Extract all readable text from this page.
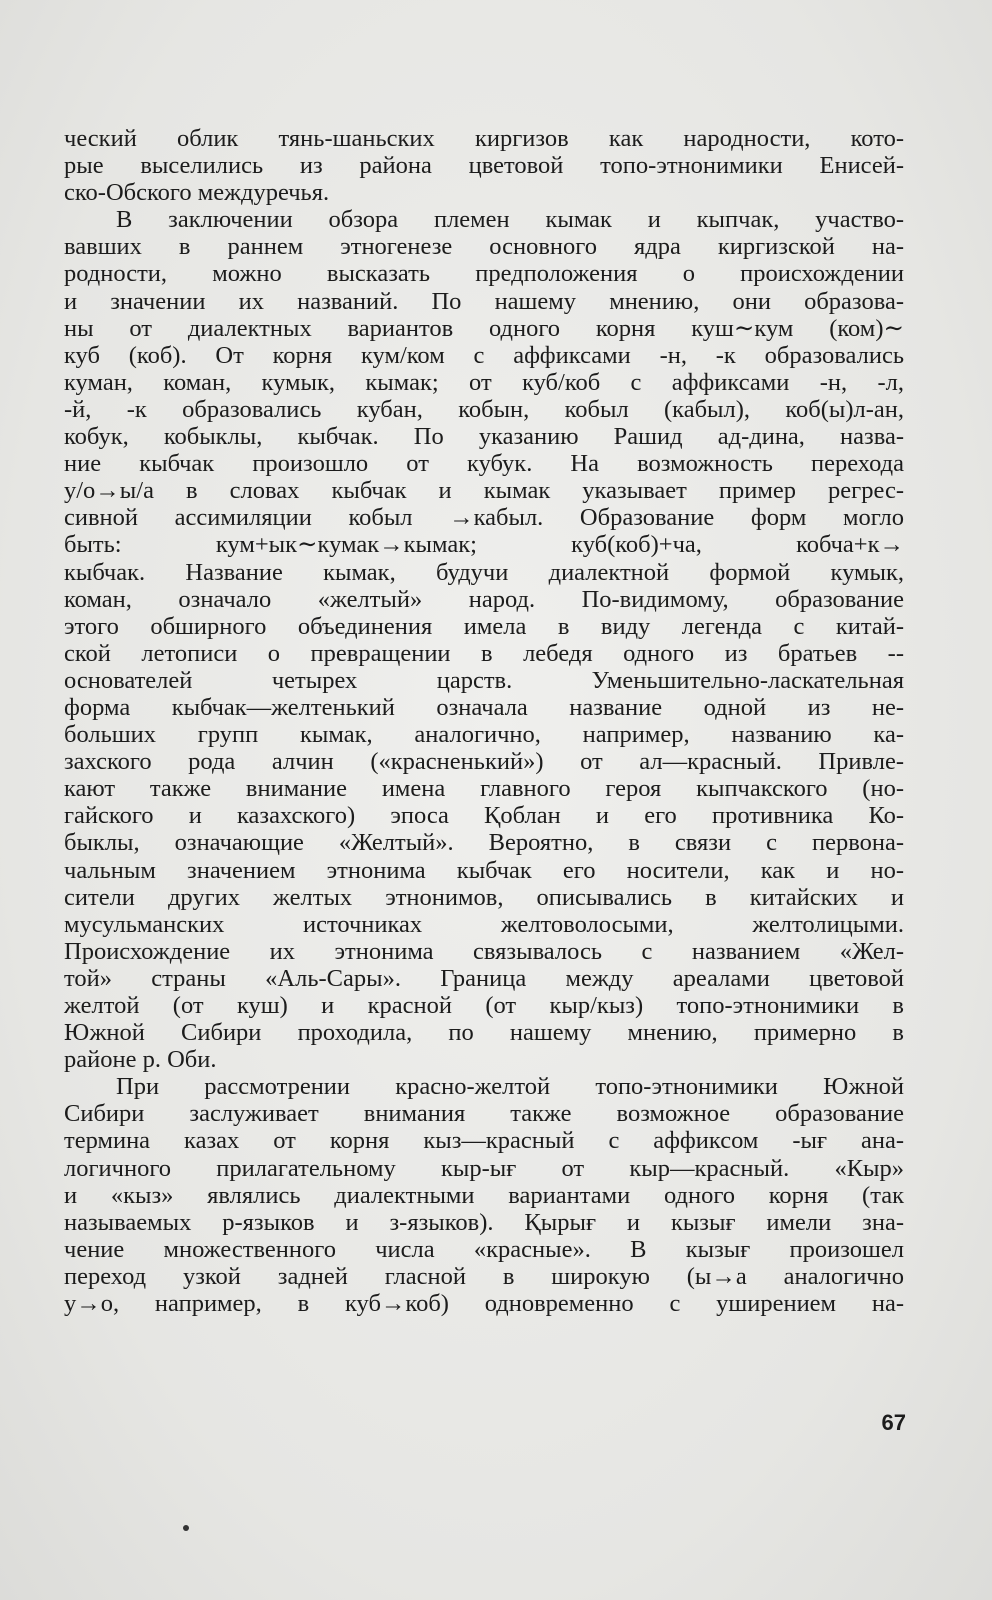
ческий облик тянь-шаньских киргизов как народности, кото-
рые выселились из района цветовой топо-этнонимики Енисей-
ско-Обского междуречья.
В заключении обзора племен кымак и кыпчак, участво-
вавших в раннем этногенезе основного ядра киргизской на-
родности, можно высказать предположения о происхождении
и значении их названий. По нашему мнению, они образова-
ны от диалектных вариантов одного корня куш∼кум (ком)∼
куб (коб). От корня кум/ком с аффиксами -н, -к образовались
куман, коман, кумык, кымак; от куб/коб с аффиксами -н, -л,
-й, -к образовались кубан, кобын, кобыл (кабыл), коб(ы)л-ан,
кобук, кобыклы, кыбчак. По указанию Рашид ад-дина, назва-
ние кыбчак произошло от кубук. На возможность перехода
у/о→ы/а в словах кыбчак и кымак указывает пример регрес-
сивной ассимиляции кобыл →кабыл. Образование форм могло
быть: кум+ык∼кумак→кымак; куб(коб)+ча, кобча+к→
кыбчак. Название кымак, будучи диалектной формой кумык,
коман, означало «желтый» народ. По-видимому, образование
этого обширного объединения имела в виду легенда с китай-
ской летописи о превращении в лебедя одного из братьев --
основателей четырех царств. Уменьшительно-ласкательная
форма кыбчак—желтенький означала название одной из не-
больших групп кымак, аналогично, например, названию ка-
захского рода алчин («красненький») от ал—красный. Привле-
кают также внимание имена главного героя кыпчакского (но-
гайского и казахского) эпоса Қоблан и его противника Ко-
быклы, означающие «Желтый». Вероятно, в связи с первона-
чальным значением этнонима кыбчак его носители, как и но-
сители других желтых этнонимов, описывались в китайских и
мусульманских источниках желтоволосыми, желтолицыми.
Происхождение их этнонима связывалось с названием «Жел-
той» страны «Аль-Сары». Граница между ареалами цветовой
желтой (от куш) и красной (от кыр/кыз) топо-этнонимики в
Южной Сибири проходила, по нашему мнению, примерно в
районе р. Оби.
При рассмотрении красно-желтой топо-этнонимики Южной
Сибири заслуживает внимания также возможное образование
термина казах от корня кыз—красный с аффиксом -ығ ана-
логичного прилагательному кыр-ығ от кыр—красный. «Кыр»
и «кыз» являлись диалектными вариантами одного корня (так
называемых р-языков и з-языков). Қырығ и кызығ имели зна-
чение множественного числа «красные». В кызығ произошел
переход узкой задней гласной в широкую (ы→а аналогично
у→о, например, в куб→коб) одновременно с уширением на-
67
